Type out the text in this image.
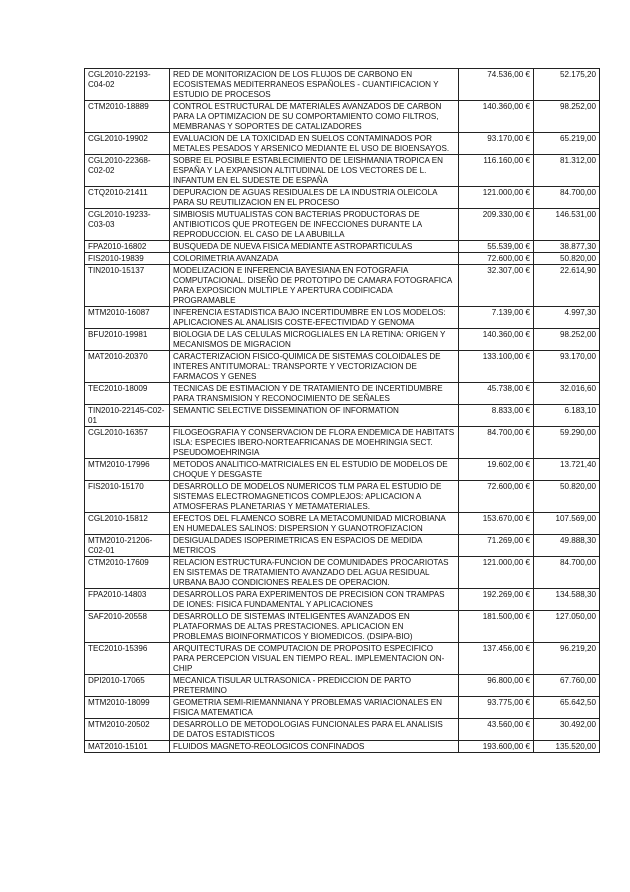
CGL2010-22193-C04-02	RED DE MONITORIZACION DE LOS FLUJOS DE CARBONO EN ECOSISTEMAS MEDITERRANEOS ESPAÑOLES - CUANTIFICACION Y ESTUDIO DE PROCESOS	74.536,00 €	52.175,20
CTM2010-18889	CONTROL ESTRUCTURAL DE MATERIALES AVANZADOS DE CARBON PARA LA OPTIMIZACION DE SU COMPORTAMIENTO COMO FILTROS, MEMBRANAS Y SOPORTES DE CATALIZADORES	140.360,00 €	98.252,00
CGL2010-19902	EVALUACION DE LA TOXICIDAD EN SUELOS CONTAMINADOS POR METALES PESADOS Y ARSENICO MEDIANTE EL USO DE BIOENSAYOS.	93.170,00 €	65.219,00
CGL2010-22368-C02-02	SOBRE EL POSIBLE ESTABLECIMIENTO DE LEISHMANIA TROPICA EN ESPAÑA Y LA EXPANSION ALTITUDINAL DE LOS VECTORES DE L. INFANTUM EN EL SUDESTE DE ESPAÑA	116.160,00 €	81.312,00
CTQ2010-21411	DEPURACION DE AGUAS RESIDUALES DE LA INDUSTRIA OLEICOLA PARA SU REUTILIZACION EN EL PROCESO	121.000,00 €	84.700,00
CGL2010-19233-C03-03	SIMBIOSIS MUTUALISTAS CON BACTERIAS PRODUCTORAS DE ANTIBIOTICOS QUE PROTEGEN DE INFECCIONES DURANTE LA REPRODUCCION. EL CASO DE LA ABUBILLA	209.330,00 €	146.531,00
FPA2010-16802	BUSQUEDA DE NUEVA FISICA MEDIANTE ASTROPARTICULAS	55.539,00 €	38.877,30
FIS2010-19839	COLORIMETRIA AVANZADA	72.600,00 €	50.820,00
TIN2010-15137	MODELIZACION E INFERENCIA BAYESIANA EN FOTOGRAFIA COMPUTACIONAL. DISEÑO DE PROTOTIPO DE CAMARA FOTOGRAFICA PARA EXPOSICION MULTIPLE Y APERTURA CODIFICADA PROGRAMABLE	32.307,00 €	22.614,90
MTM2010-16087	INFERENCIA ESTADISTICA BAJO INCERTIDUMBRE EN LOS MODELOS: APLICACIONES AL ANALISIS COSTE-EFECTIVIDAD Y GENOMA	7.139,00 €	4.997,30
BFU2010-19981	BIOLOGIA DE LAS CELULAS MICROGLIALES EN LA RETINA: ORIGEN Y MECANISMOS DE MIGRACION	140.360,00 €	98.252,00
MAT2010-20370	CARACTERIZACION FISICO-QUIMICA DE SISTEMAS COLOIDALES DE INTERES ANTITUMORAL: TRANSPORTE Y VECTORIZACION DE FARMACOS Y GENES	133.100,00 €	93.170,00
TEC2010-18009	TECNICAS DE ESTIMACION Y DE TRATAMIENTO DE INCERTIDUMBRE PARA TRANSMISION Y RECONOCIMIENTO DE SEÑALES	45.738,00 €	32.016,60
TIN2010-22145-C02-01	SEMANTIC SELECTIVE DISSEMINATION OF INFORMATION	8.833,00 €	6.183,10
CGL2010-16357	FILOGEOGRAFIA Y CONSERVACION DE FLORA ENDEMICA DE HABITATS ISLA: ESPECIES IBERO-NORTEAFRICANAS DE MOEHRINGIA SECT. PSEUDOMOEHRINGIA	84.700,00 €	59.290,00
MTM2010-17996	METODOS ANALITICO-MATRICIALES EN EL ESTUDIO DE MODELOS DE CHOQUE Y DESGASTE	19.602,00 €	13.721,40
FIS2010-15170	DESARROLLO DE MODELOS NUMERICOS TLM PARA EL ESTUDIO DE SISTEMAS ELECTROMAGNETICOS COMPLEJOS: APLICACION A ATMOSFERAS PLANETARIAS Y METAMATERIALES.	72.600,00 €	50.820,00
CGL2010-15812	EFECTOS DEL FLAMENCO SOBRE LA METACOMUNIDAD MICROBIANA EN HUMEDALES SALINOS: DISPERSION Y GUANOTROFIZACION	153.670,00 €	107.569,00
MTM2010-21206-C02-01	DESIGUALDADES ISOPERIMETRICAS EN ESPACIOS DE MEDIDA METRICOS	71.269,00 €	49.888,30
CTM2010-17609	RELACION ESTRUCTURA-FUNCION DE COMUNIDADES PROCARIOTAS EN SISTEMAS DE TRATAMIENTO AVANZADO DEL AGUA RESIDUAL URBANA BAJO CONDICIONES REALES DE OPERACION.	121.000,00 €	84.700,00
FPA2010-14803	DESARROLLOS PARA EXPERIMENTOS DE PRECISION CON TRAMPAS DE IONES: FISICA FUNDAMENTAL Y APLICACIONES	192.269,00 €	134.588,30
SAF2010-20558	DESARROLLO DE SISTEMAS INTELIGENTES AVANZADOS EN PLATAFORMAS DE ALTAS PRESTACIONES. APLICACION EN PROBLEMAS BIOINFORMATICOS Y BIOMEDICOS. (DSIPA-BIO)	181.500,00 €	127.050,00
TEC2010-15396	ARQUITECTURAS DE COMPUTACION DE PROPOSITO ESPECIFICO PARA PERCEPCION VISUAL EN TIEMPO REAL. IMPLEMENTACION ON-CHIP	137.456,00 €	96.219,20
DPI2010-17065	MECANICA TISULAR ULTRASONICA - PREDICCION DE PARTO PRETERMINO	96.800,00 €	67.760,00
MTM2010-18099	GEOMETRIA SEMI-RIEMANNIANA Y PROBLEMAS VARIACIONALES EN FISICA MATEMATICA	93.775,00 €	65.642,50
MTM2010-20502	DESARROLLO DE METODOLOGIAS FUNCIONALES PARA EL ANALISIS DE DATOS ESTADISTICOS	43.560,00 €	30.492,00
MAT2010-15101	FLUIDOS MAGNETO-REOLOGICOS CONFINADOS	193.600,00 €	135.520,00
